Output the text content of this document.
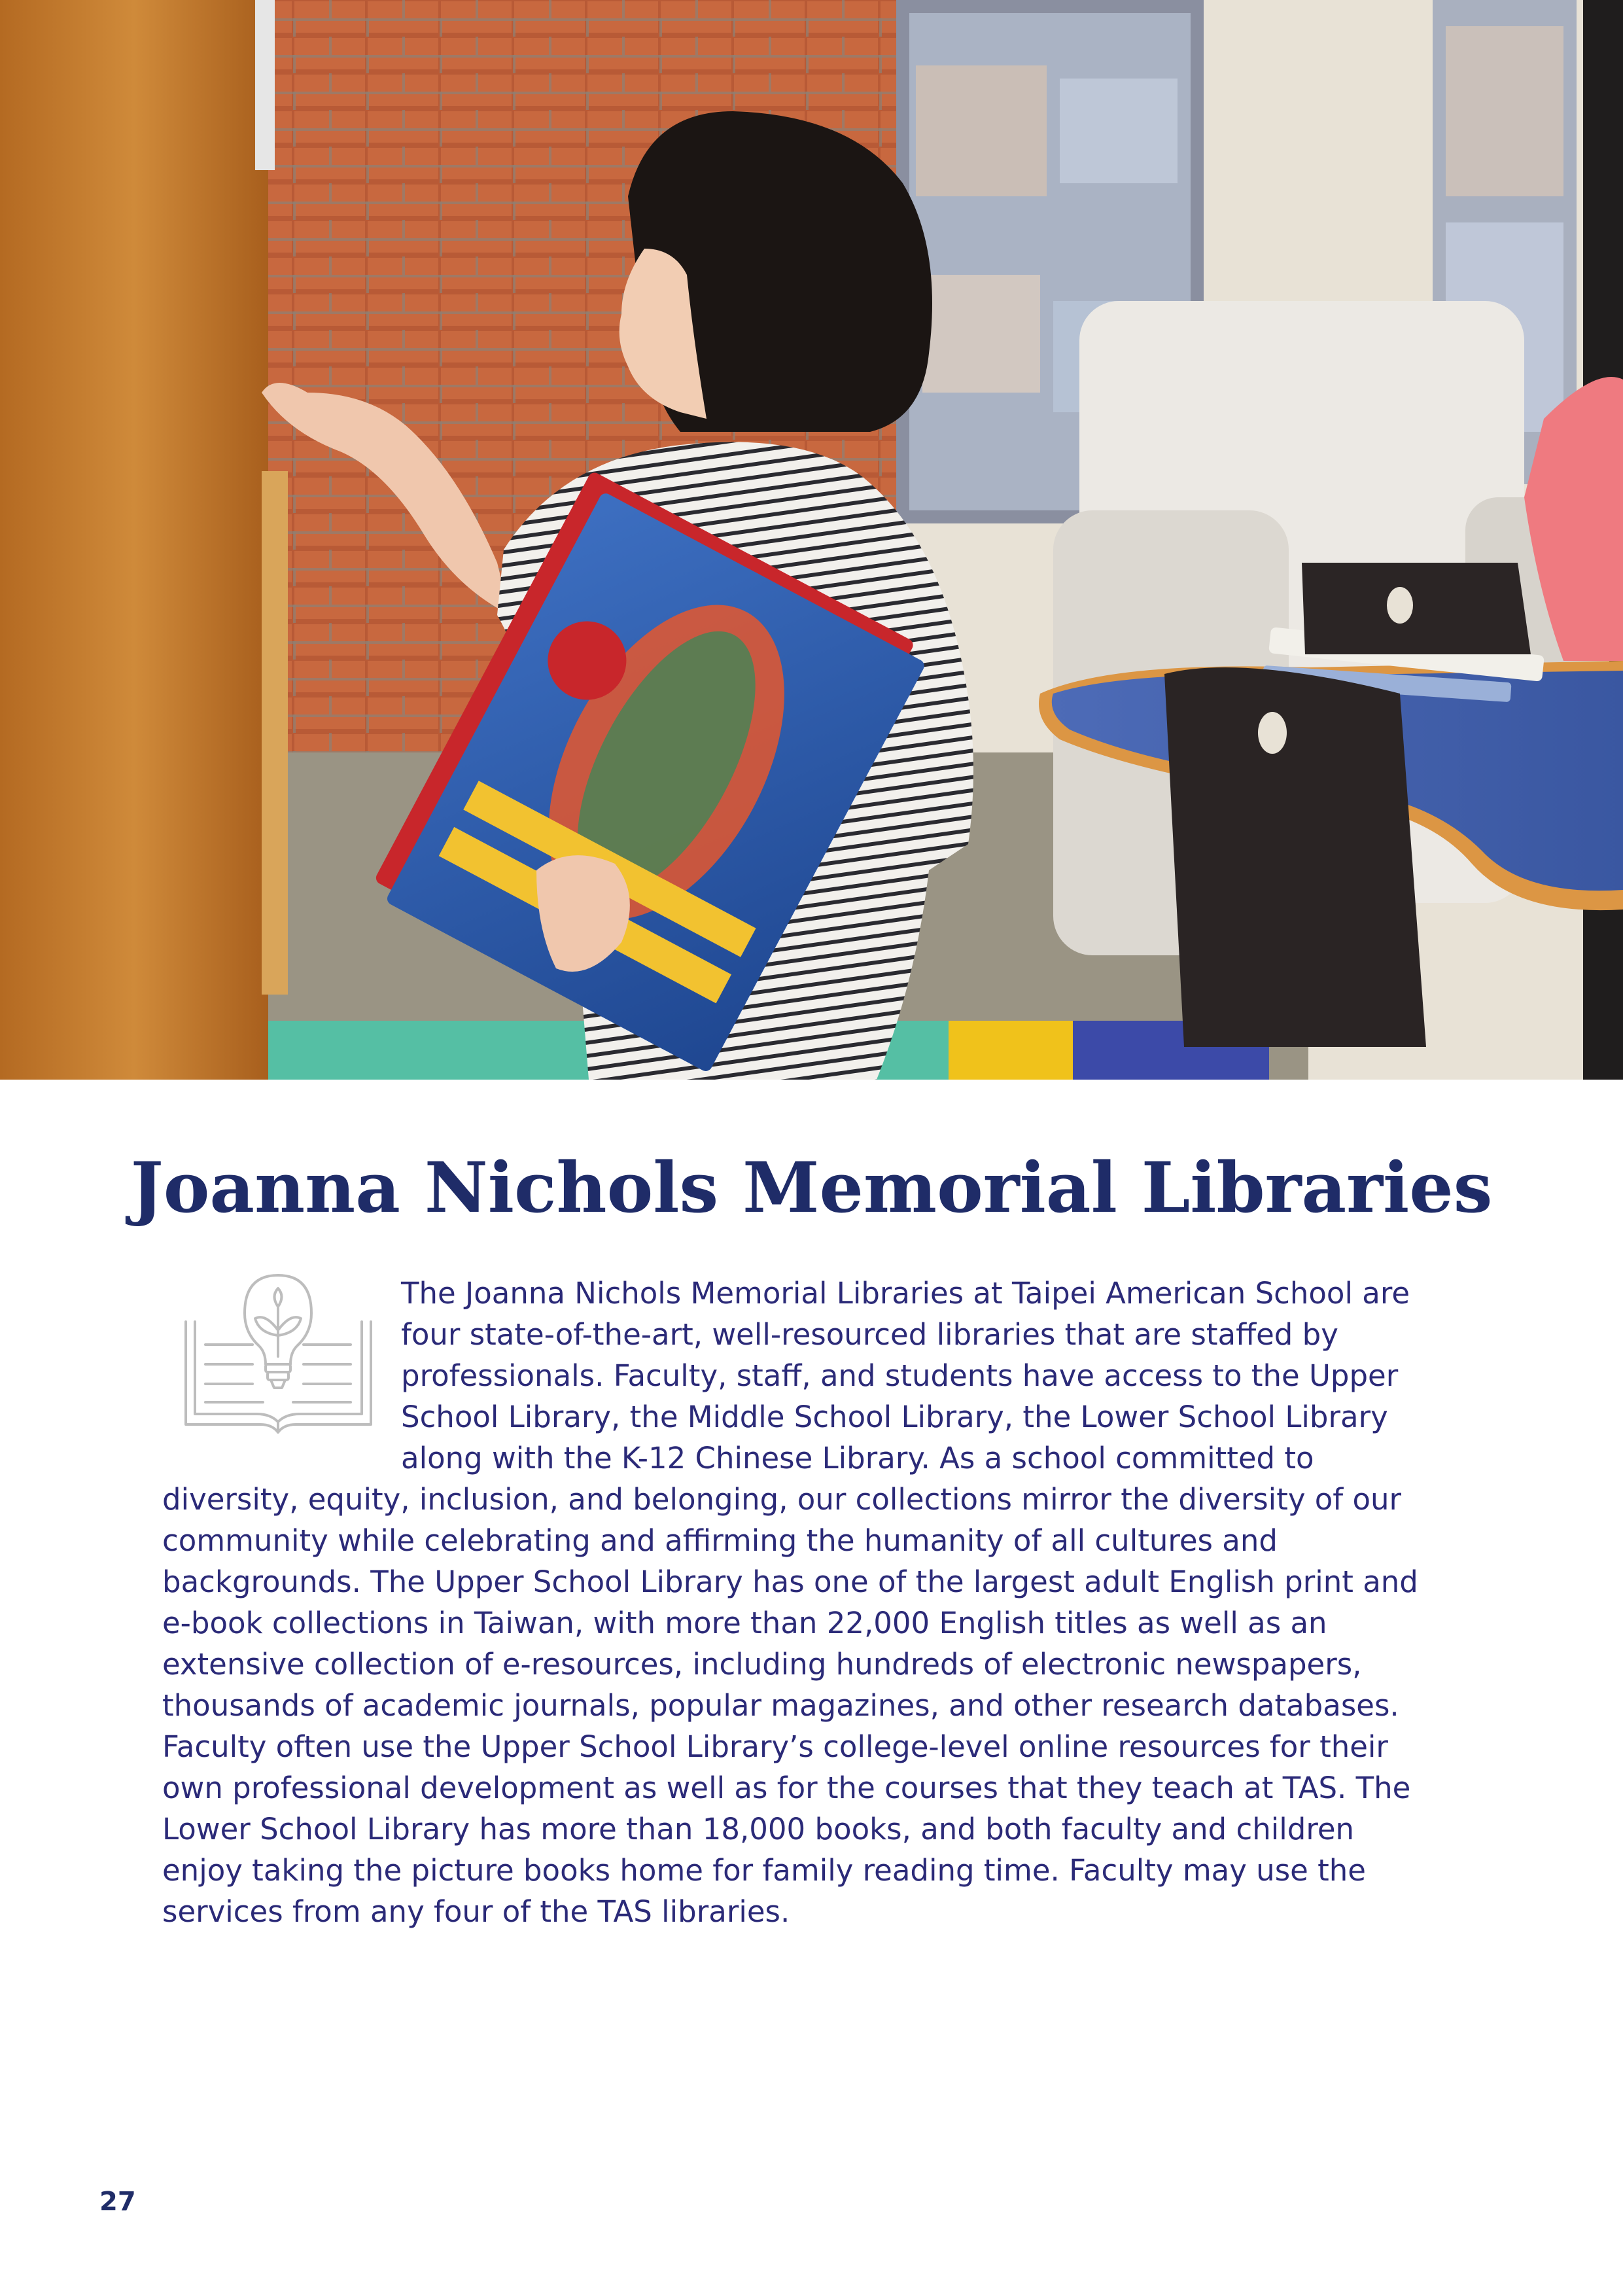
Joanna Nichols Memorial Libraries

The Joanna Nichols Memorial Libraries at Taipei American School are four state-of-the-art, well-resourced libraries that are staffed by professionals. Faculty, staff, and students have access to the Upper School Library, the Middle School Library, the Lower School Library along with the K-12 Chinese Library. As a school committed to diversity, equity, inclusion, and belonging, our collections mirror the diversity of our community while celebrating and affirming the humanity of all cultures and backgrounds. The Upper School Library has one of the largest adult English print and e-book collections in Taiwan, with more than 22,000 English titles as well as an extensive collection of e-resources, including hundreds of electronic newspapers, thousands of academic journals, popular magazines, and other research databases. Faculty often use the Upper School Library’s college-level online resources for their own professional development as well as for the courses that they teach at TAS. The Lower School Library has more than 18,000 books, and both faculty and children enjoy taking the picture books home for family reading time. Faculty may use the services from any four of the TAS libraries.

27
